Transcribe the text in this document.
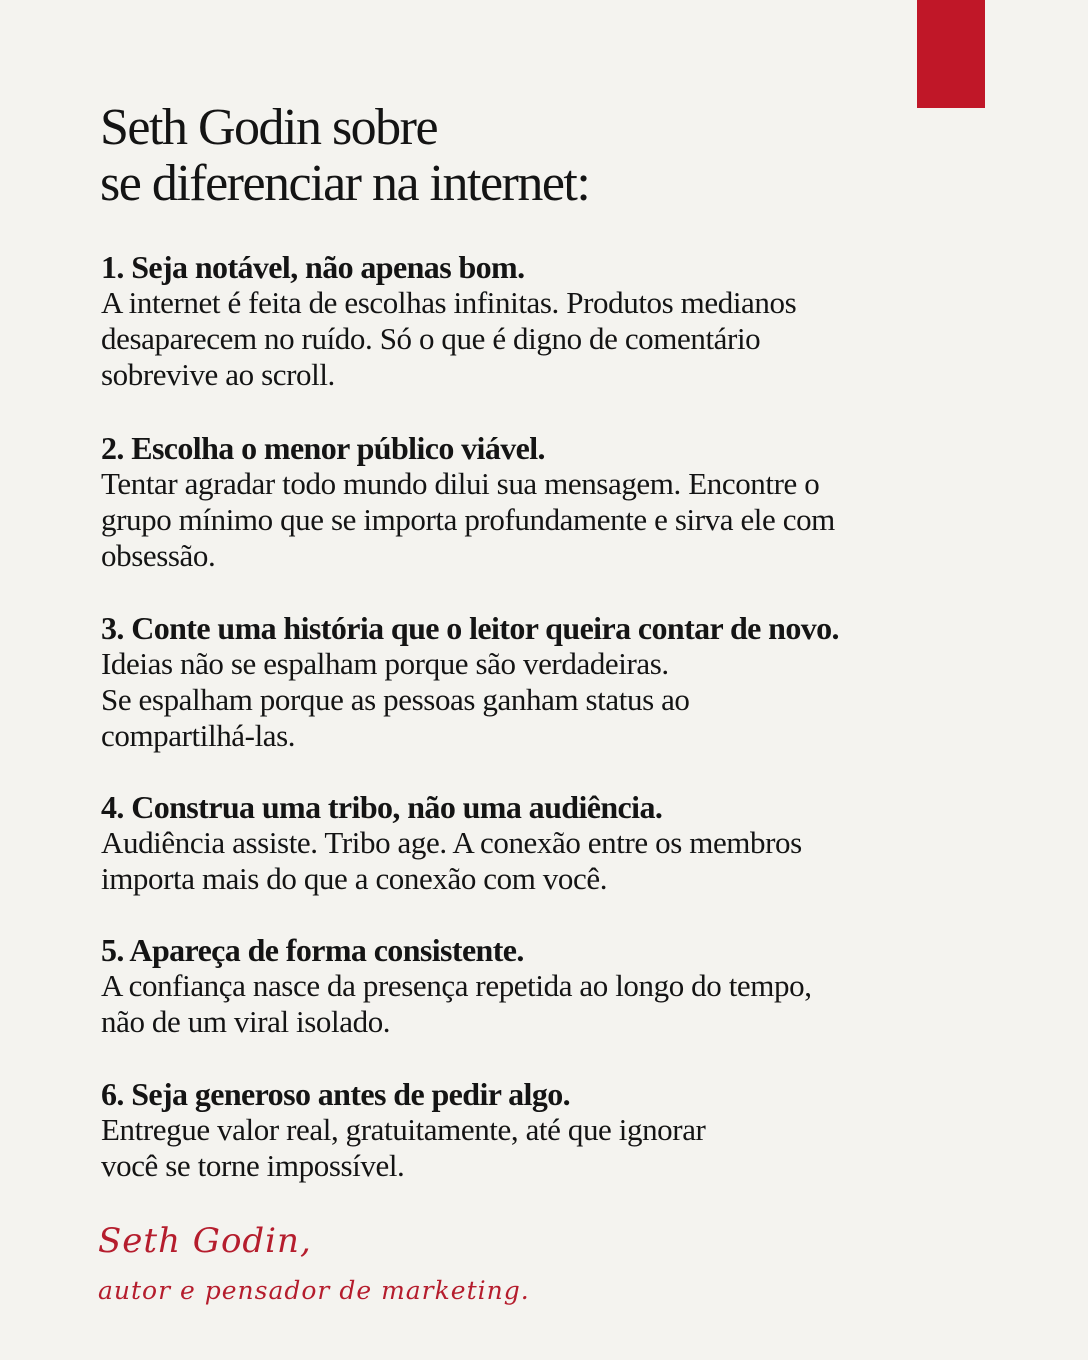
Seth Godin sobre
se diferenciar na internet:

1. Seja notável, não apenas bom.

A internet é feita de escolhas infinitas. Produtos medianos
desaparecem no ruído. Só o que é digno de comentário
sobrevive ao scroll.

2. Escolha o menor público viável.

Tentar agradar todo mundo dilui sua mensagem. Encontre o
grupo mínimo que se importa profundamente e sirva ele com
obsessão.

3. Conte uma história que o leitor queira contar de novo.

Ideias não se espalham porque são verdadeiras.
Se espalham porque as pessoas ganham status ao
compartilhá-las.

4. Construa uma tribo, não uma audiência.

Audiência assiste. Tribo age. A conexão entre os membros
importa mais do que a conexão com você.

5. Apareça de forma consistente.

A confiança nasce da presença repetida ao longo do tempo,
não de um viral isolado.

6. Seja generoso antes de pedir algo.

Entregue valor real, gratuitamente, até que ignorar
você se torne impossível.

Seth Godin,
autor e pensador de marketing.
